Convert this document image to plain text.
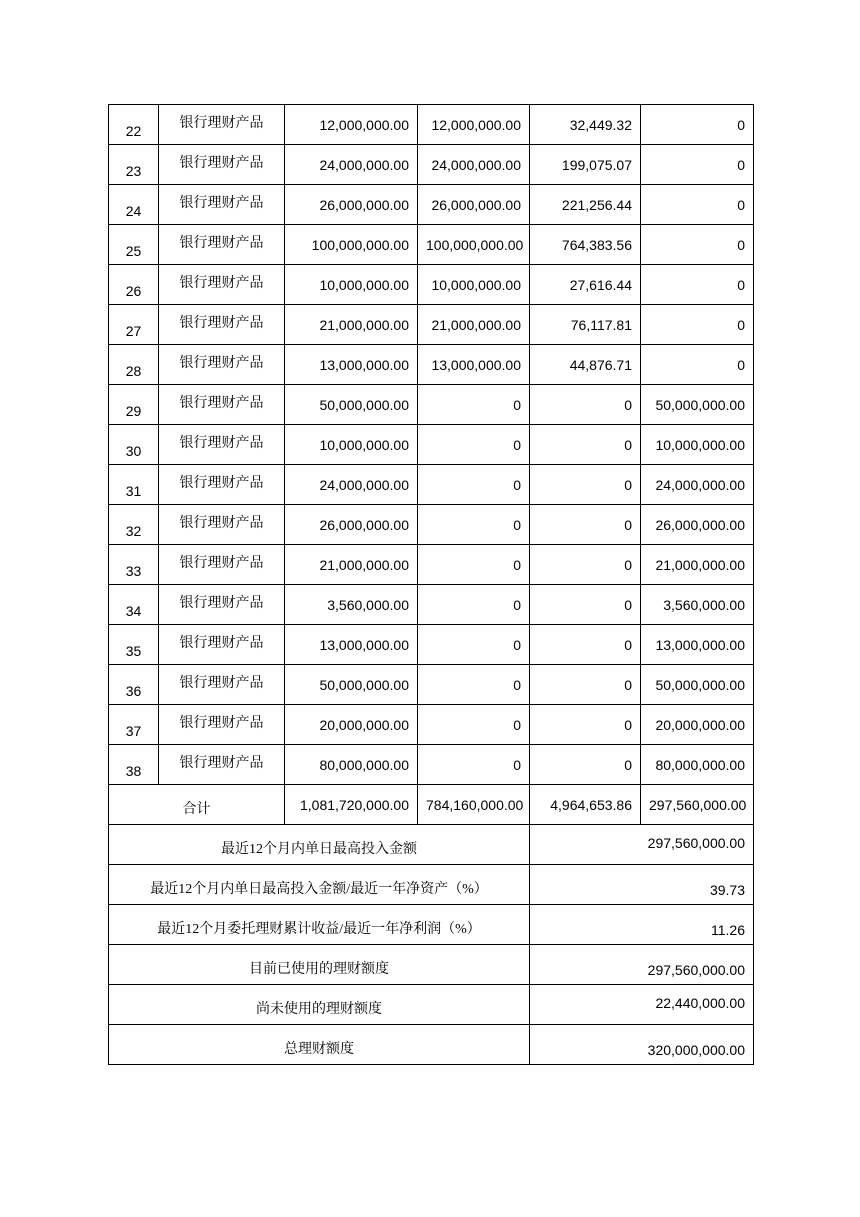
22	银行理财产品	12,000,000.00	12,000,000.00	32,449.32	0
23	银行理财产品	24,000,000.00	24,000,000.00	199,075.07	0
24	银行理财产品	26,000,000.00	26,000,000.00	221,256.44	0
25	银行理财产品	100,000,000.00	100,000,000.00	764,383.56	0
26	银行理财产品	10,000,000.00	10,000,000.00	27,616.44	0
27	银行理财产品	21,000,000.00	21,000,000.00	76,117.81	0
28	银行理财产品	13,000,000.00	13,000,000.00	44,876.71	0
29	银行理财产品	50,000,000.00	0	0	50,000,000.00
30	银行理财产品	10,000,000.00	0	0	10,000,000.00
31	银行理财产品	24,000,000.00	0	0	24,000,000.00
32	银行理财产品	26,000,000.00	0	0	26,000,000.00
33	银行理财产品	21,000,000.00	0	0	21,000,000.00
34	银行理财产品	3,560,000.00	0	0	3,560,000.00
35	银行理财产品	13,000,000.00	0	0	13,000,000.00
36	银行理财产品	50,000,000.00	0	0	50,000,000.00
37	银行理财产品	20,000,000.00	0	0	20,000,000.00
38	银行理财产品	80,000,000.00	0	0	80,000,000.00
合计		1,081,720,000.00	784,160,000.00	4,964,653.86	297,560,000.00
最近12个月内单日最高投入金额				297,560,000.00	
最近12个月内单日最高投入金额/最近一年净资产（%）				39.73	
最近12个月委托理财累计收益/最近一年净利润（%）				11.26	
目前已使用的理财额度				297,560,000.00	
尚未使用的理财额度				22,440,000.00	
总理财额度				320,000,000.00	
